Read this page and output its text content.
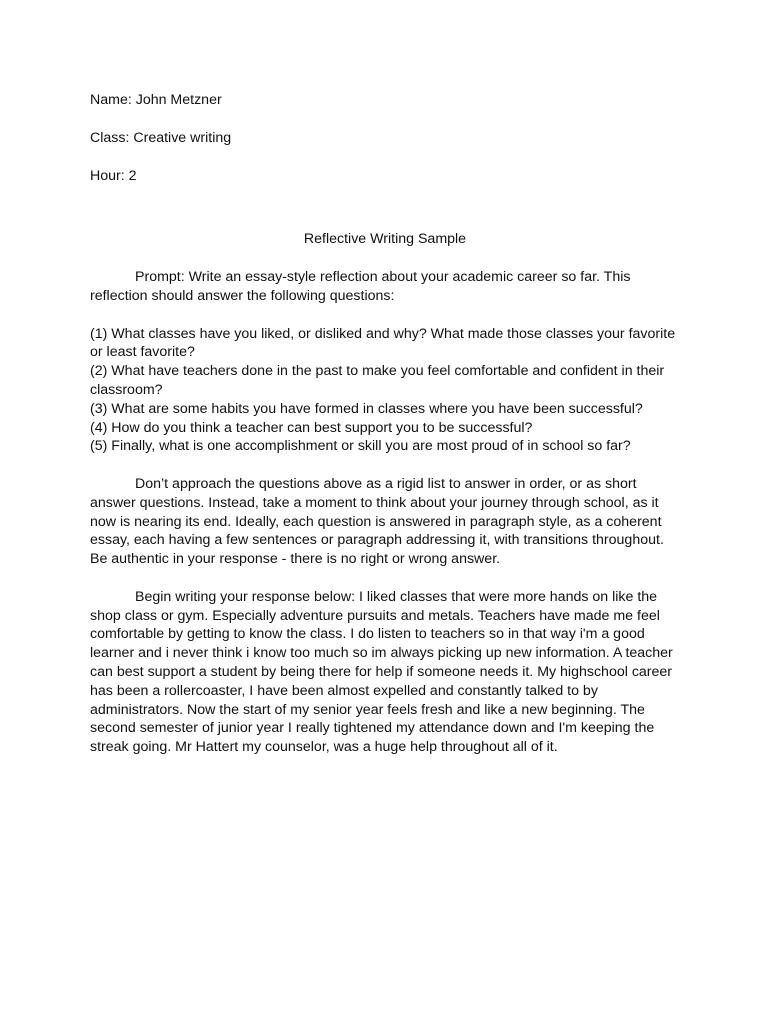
Name: John Metzner

Class: Creative writing

Hour: 2

Reflective Writing Sample

Prompt: Write an essay-style reflection about your academic career so far. This reflection should answer the following questions:

(1) What classes have you liked, or disliked and why? What made those classes your favorite or least favorite?
(2) What have teachers done in the past to make you feel comfortable and confident in their classroom?
(3) What are some habits you have formed in classes where you have been successful?
(4) How do you think a teacher can best support you to be successful?
(5) Finally, what is one accomplishment or skill you are most proud of in school so far?

Don’t approach the questions above as a rigid list to answer in order, or as short answer questions. Instead, take a moment to think about your journey through school, as it now is nearing its end. Ideally, each question is answered in paragraph style, as a coherent essay, each having a few sentences or paragraph addressing it, with transitions throughout. Be authentic in your response - there is no right or wrong answer.

Begin writing your response below: I liked classes that were more hands on like the shop class or gym. Especially adventure pursuits and metals. Teachers have made me feel comfortable by getting to know the class. I do listen to teachers so in that way i'm a good learner and i never think i know too much so im always picking up new information. A teacher can best support a student by being there for help if someone needs it. My highschool career has been a rollercoaster, I have been almost expelled and constantly talked to by administrators. Now the start of my senior year feels fresh and like a new beginning. The second semester of junior year I really tightened my attendance down and I'm keeping the streak going. Mr Hattert my counselor, was a huge help throughout all of it.
